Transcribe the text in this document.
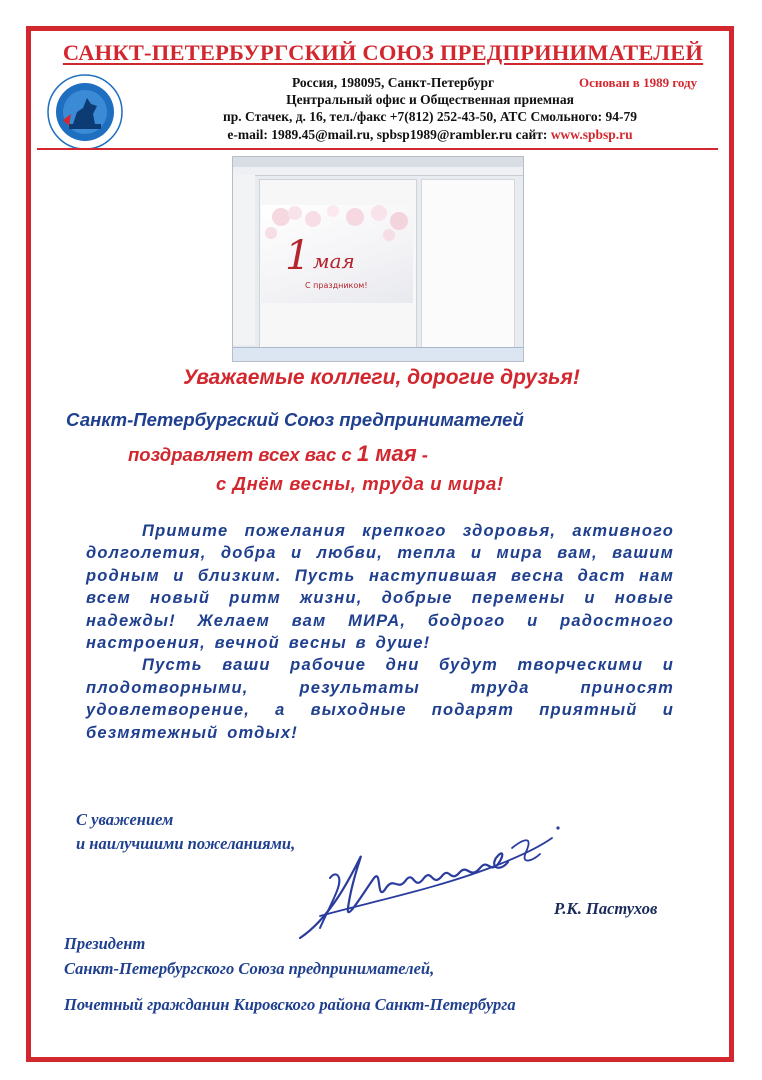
САНКТ-ПЕТЕРБУРГСКИЙ СОЮЗ ПРЕДПРИНИМАТЕЛЕЙ
Основан в 1989 году
Россия, 198095, Санкт-Петербург
Центральный офис и Общественная приемная
пр. Стачек, д. 16, тел./факс +7(812) 252-43-50, АТС Смольного: 94-79
e-mail: 1989.45@mail.ru, spbsp1989@rambler.ru сайт: www.spbsp.ru
1 мая
С праздником!
Уважаемые коллеги, дорогие друзья!
Санкт-Петербургский Союз предпринимателей
поздравляет всех вас с 1 мая -
с Днём весны, труда и мира!

Примите пожелания крепкого здоровья, активного долголетия, добра и любви, тепла и мира вам, вашим родным и близким. Пусть наступившая весна даст нам всем новый ритм жизни, добрые перемены и новые надежды! Желаем вам МИРА, бодрого и радостного настроения, вечной весны в душе!

Пусть ваши рабочие дни будут творческими и плодотворными, результаты труда приносят удовлетворение, а выходные подарят приятный и безмятежный отдых!

С уважением
и наилучшими пожеланиями,
Р.К. Пастухов
Президент
Санкт-Петербургского Союза предпринимателей,
Почетный гражданин Кировского района Санкт-Петербурга
